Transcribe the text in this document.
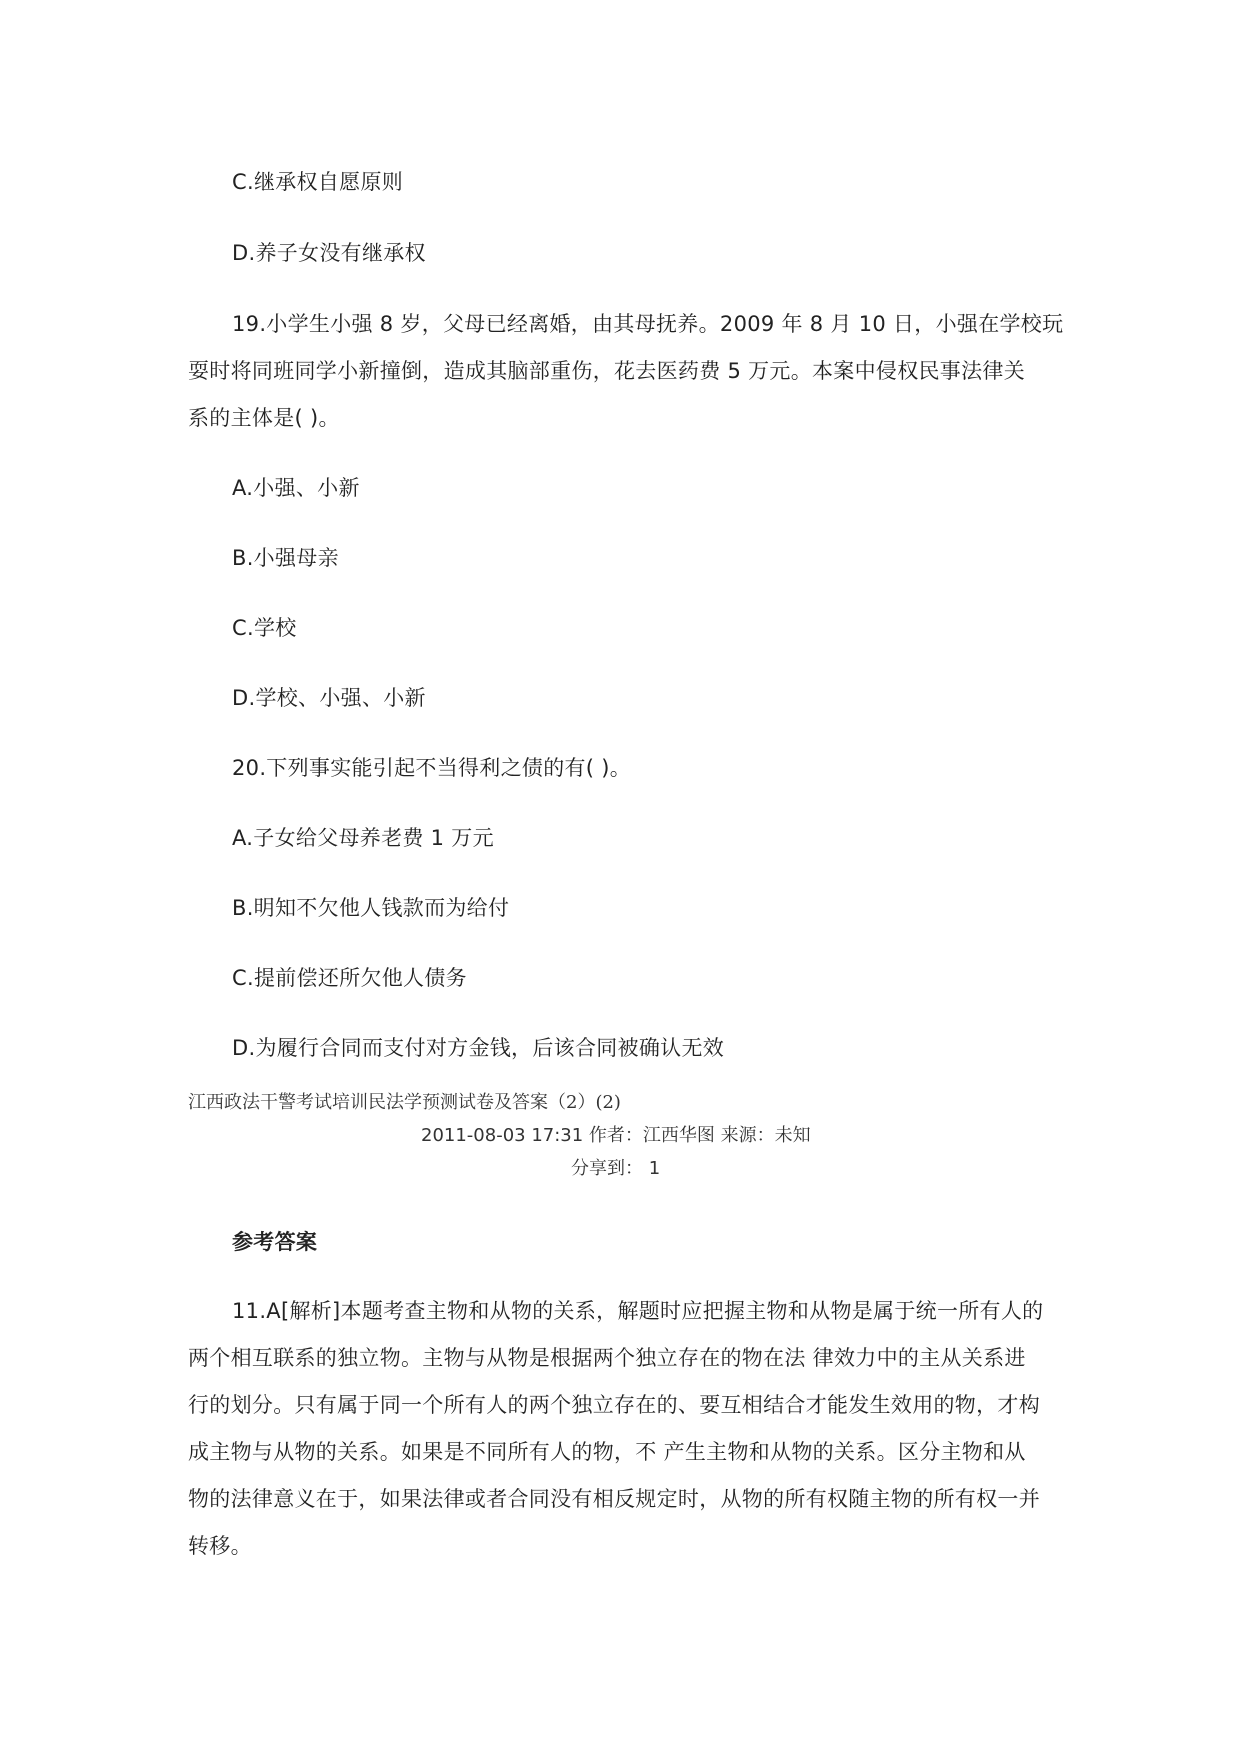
C.继承权自愿原则
D.养子女没有继承权
19.小学生小强 8 岁，父母已经离婚，由其母抚养。2009 年 8 月 10 日，小强在学校玩
耍时将同班同学小新撞倒，造成其脑部重伤，花去医药费 5 万元。本案中侵权民事法律关
系的主体是( )。
A.小强、小新
B.小强母亲
C.学校
D.学校、小强、小新
20.下列事实能引起不当得利之债的有( )。
A.子女给父母养老费 1 万元
B.明知不欠他人钱款而为给付
C.提前偿还所欠他人债务
D.为履行合同而支付对方金钱，后该合同被确认无效
江西政法干警考试培训民法学预测试卷及答案（2）(2)
2011-08-03 17:31 作者：江西华图 来源：未知
分享到： 1
参考答案
11.A[解析]本题考查主物和从物的关系，解题时应把握主物和从物是属于统一所有人的
两个相互联系的独立物。主物与从物是根据两个独立存在的物在法 律效力中的主从关系进
行的划分。只有属于同一个所有人的两个独立存在的、要互相结合才能发生效用的物，才构
成主物与从物的关系。如果是不同所有人的物，不 产生主物和从物的关系。区分主物和从
物的法律意义在于，如果法律或者合同没有相反规定时，从物的所有权随主物的所有权一并
转移。
